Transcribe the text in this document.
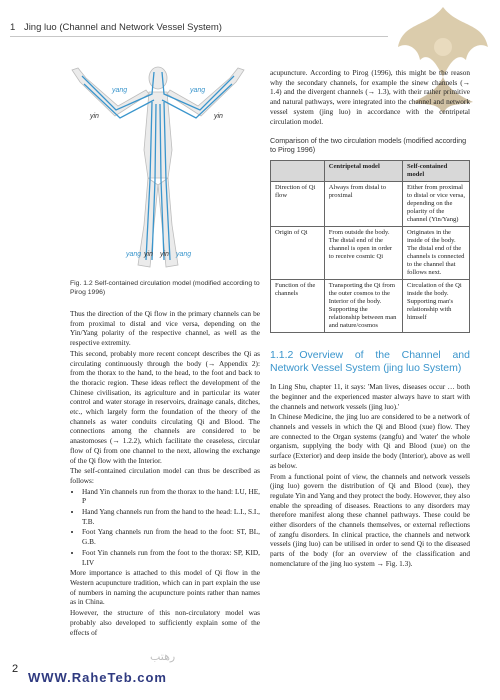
1 Jing luo (Channel and Network Vessel System)
yang	yang
yang	yang
yin	yin
yin yin
Fig. 1.2 Self-contained circulation model (modified according to Pirog 1996)

Thus the direction of the Qi flow in the primary channels can be from proximal to distal and vice versa, depending on the Yin/Yang polarity of the respective channel, as well as the respective extremity.

This second, probably more recent concept describes the Qi as circulating continuously through the body (→ Appendix 2): from the thorax to the hand, to the head, to the foot and back to the thoracic region. These ideas reflect the development of the Chinese civilisation, its agriculture and in particular its water control and water storage in reservoirs, drainage canals, ditches, etc., which largely form the foundation of the theory of the channels as water conduits circulating Qi and Blood. The connections among the channels are considered to be anastomoses (→ 1.2.2), which facilitate the ceaseless, circular flow of Qi from one channel to the next, allowing the exchange of the Qi flow with the Interior.

The self-contained circulation model can thus be described as follows:

• Hand Yin channels run from the thorax to the hand: LU, HE, P
• Hand Yang channels run from the hand to the head: L.I., S.I., T.B.
• Foot Yang channels run from the head to the foot: ST, BL, G.B.
• Foot Yin channels run from the foot to the thorax: SP, KID, LIV

More importance is attached to this model of Qi flow in the Western acupuncture tradition, which can in part explain the use of numbers in naming the acupuncture points rather than names as in China.

However, the structure of this non-circulatory model was probably also developed to sufficiently explain some of the effects of

acupuncture. According to Pirog (1996), this might be the reason why the secondary channels, for example the sinew channels (→ 1.4) and the divergent channels (→ 1.3), with their rather primitive and natural pathways, were integrated into the channel and network vessel system (jing luo) in accordance with the centripetal circulation model.

Comparison of the two circulation models (modified according to Pirog 1996)
	Centripetal model	Self-contained model
Direction of Qi flow	Always from distal to proximal	Either from proximal to distal or vice versa, depending on the polarity of the channel (Yin/Yang)
Origin of Qi	From outside the body. The distal end of the channel is open in order to receive cosmic Qi	Originates in the inside of the body. The distal end of the channels is connected to the channel that follows next.
Function of the channels	Transporting the Qi from the outer cosmos to the Interior of the body. Supporting the relationship between man and nature/cosmos	Circulation of the Qi inside the body. Supporting man's relationship with himself
1.1.2 Overview of the Channel and Network Vessel System (jing luo System)

In Ling Shu, chapter 11, it says: 'Man lives, diseases occur … both the beginner and the experienced master always have to start with the channels and network vessels (jing luo).'

In Chinese Medicine, the jing luo are considered to be a network of channels and vessels in which the Qi and Blood (xue) flow. They are connected to the Organ systems (zangfu) and 'water' the whole organism, supplying the body with Qi and Blood (xue) on the surface (Exterior) and deep inside the body (Interior), above as well as below.

From a functional point of view, the channels and network vessels (jing luo) govern the distribution of Qi and Blood (xue), they regulate Yin and Yang and they protect the body. However, they also enable the spreading of diseases. Reactions to any disorders may therefore manifest along these channel pathways. These could be either disorders of the channels themselves, or external reflections of zangfu disorders. In clinical practice, the channels and network vessels (jing luo) can be utilised in order to send Qi to the diseased parts of the body (for an overview of the classification and nomenclature of the jing luo system → Fig. 1.3).

2
رهتب
WWW.RaheTeb.com
